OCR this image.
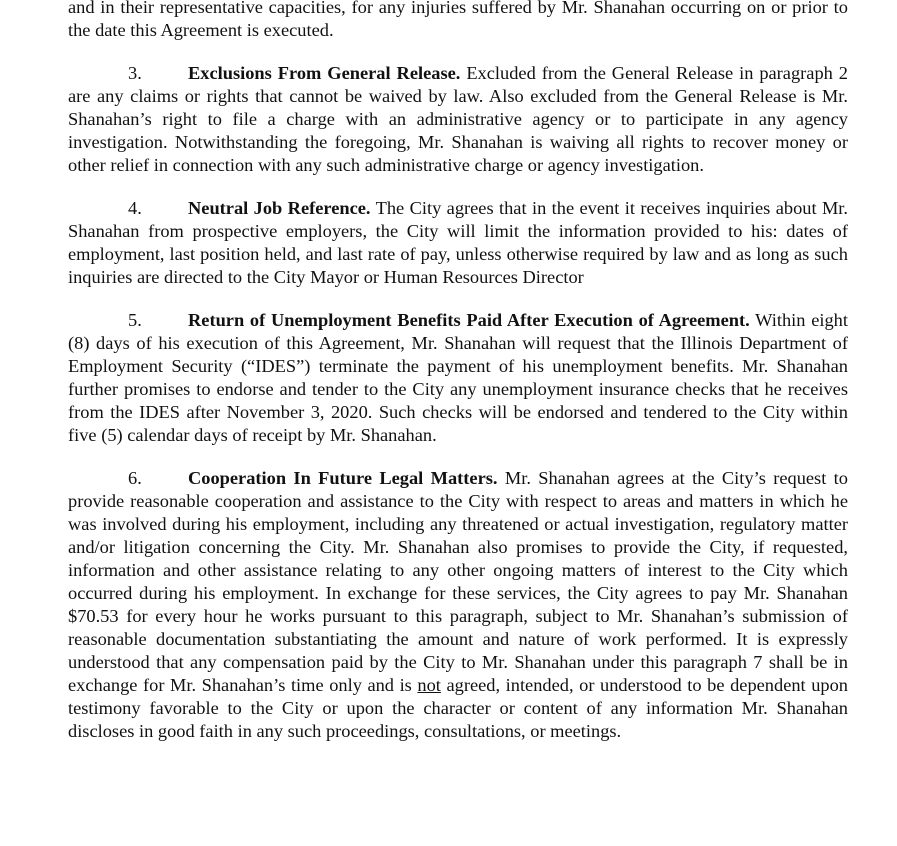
and in their representative capacities, for any injuries suffered by Mr. Shanahan occurring on or prior to the date this Agreement is executed.

3.	Exclusions From General Release. Excluded from the General Release in paragraph 2 are any claims or rights that cannot be waived by law. Also excluded from the General Release is Mr. Shanahan’s right to file a charge with an administrative agency or to participate in any agency investigation. Notwithstanding the foregoing, Mr. Shanahan is waiving all rights to recover money or other relief in connection with any such administrative charge or agency investigation.

4.	Neutral Job Reference. The City agrees that in the event it receives inquiries about Mr. Shanahan from prospective employers, the City will limit the information provided to his: dates of employment, last position held, and last rate of pay, unless otherwise required by law and as long as such inquiries are directed to the City Mayor or Human Resources Director

5.	Return of Unemployment Benefits Paid After Execution of Agreement. Within eight (8) days of his execution of this Agreement, Mr. Shanahan will request that the Illinois Department of Employment Security (“IDES”) terminate the payment of his unemployment benefits. Mr. Shanahan further promises to endorse and tender to the City any unemployment insurance checks that he receives from the IDES after November 3, 2020. Such checks will be endorsed and tendered to the City within five (5) calendar days of receipt by Mr. Shanahan.

6.	Cooperation In Future Legal Matters. Mr. Shanahan agrees at the City’s request to provide reasonable cooperation and assistance to the City with respect to areas and matters in which he was involved during his employment, including any threatened or actual investigation, regulatory matter and/or litigation concerning the City. Mr. Shanahan also promises to provide the City, if requested, information and other assistance relating to any other ongoing matters of interest to the City which occurred during his employment. In exchange for these services, the City agrees to pay Mr. Shanahan $70.53 for every hour he works pursuant to this paragraph, subject to Mr. Shanahan’s submission of reasonable documentation substantiating the amount and nature of work performed. It is expressly understood that any compensation paid by the City to Mr. Shanahan under this paragraph 7 shall be in exchange for Mr. Shanahan’s time only and is not agreed, intended, or understood to be dependent upon testimony favorable to the City or upon the character or content of any information Mr. Shanahan discloses in good faith in any such proceedings, consultations, or meetings.
